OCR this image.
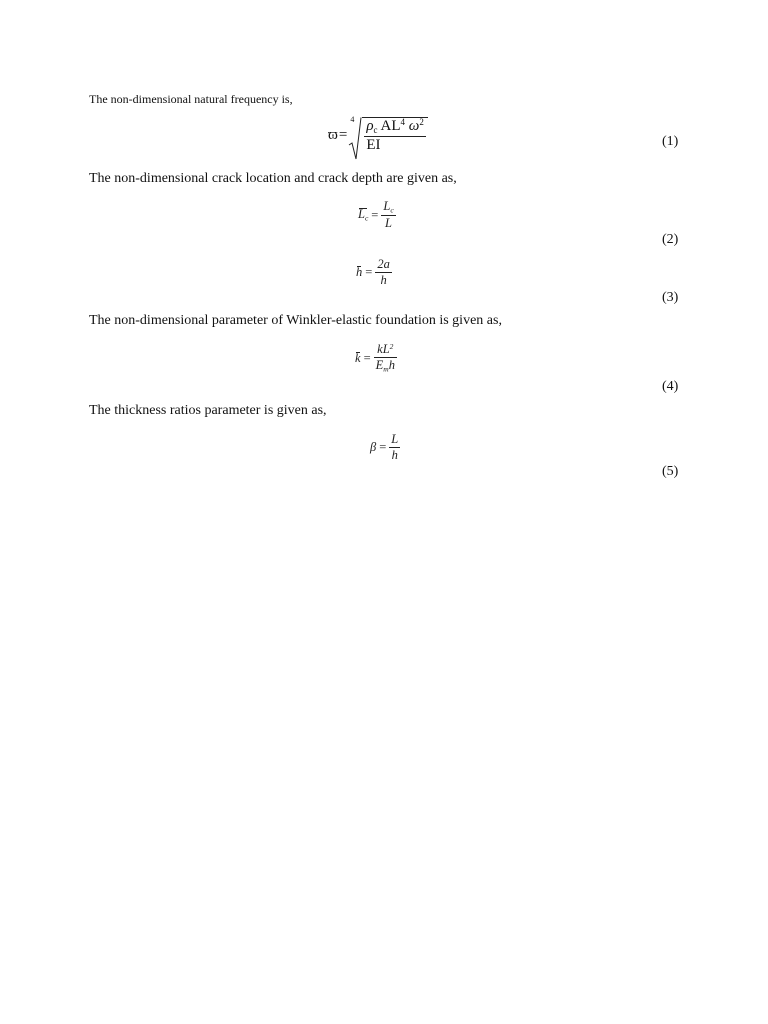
The non-dimensional natural frequency is,
ϖ=
$4 \frac{\rho_c AL^4 \omega^2}{EI}$	(1)
The non-dimensional crack location and crack depth are given as,
$L_c = \frac{L_c}{L}$
(2)
$h = \frac{2a}{h}$
(3)
The non-dimensional parameter of Winkler-elastic foundation is given as,
$k = \frac{kL^2}{E_mh}$
(4)
The thickness ratios parameter is given as,
$\beta = \frac{L}{h}$
(5)
